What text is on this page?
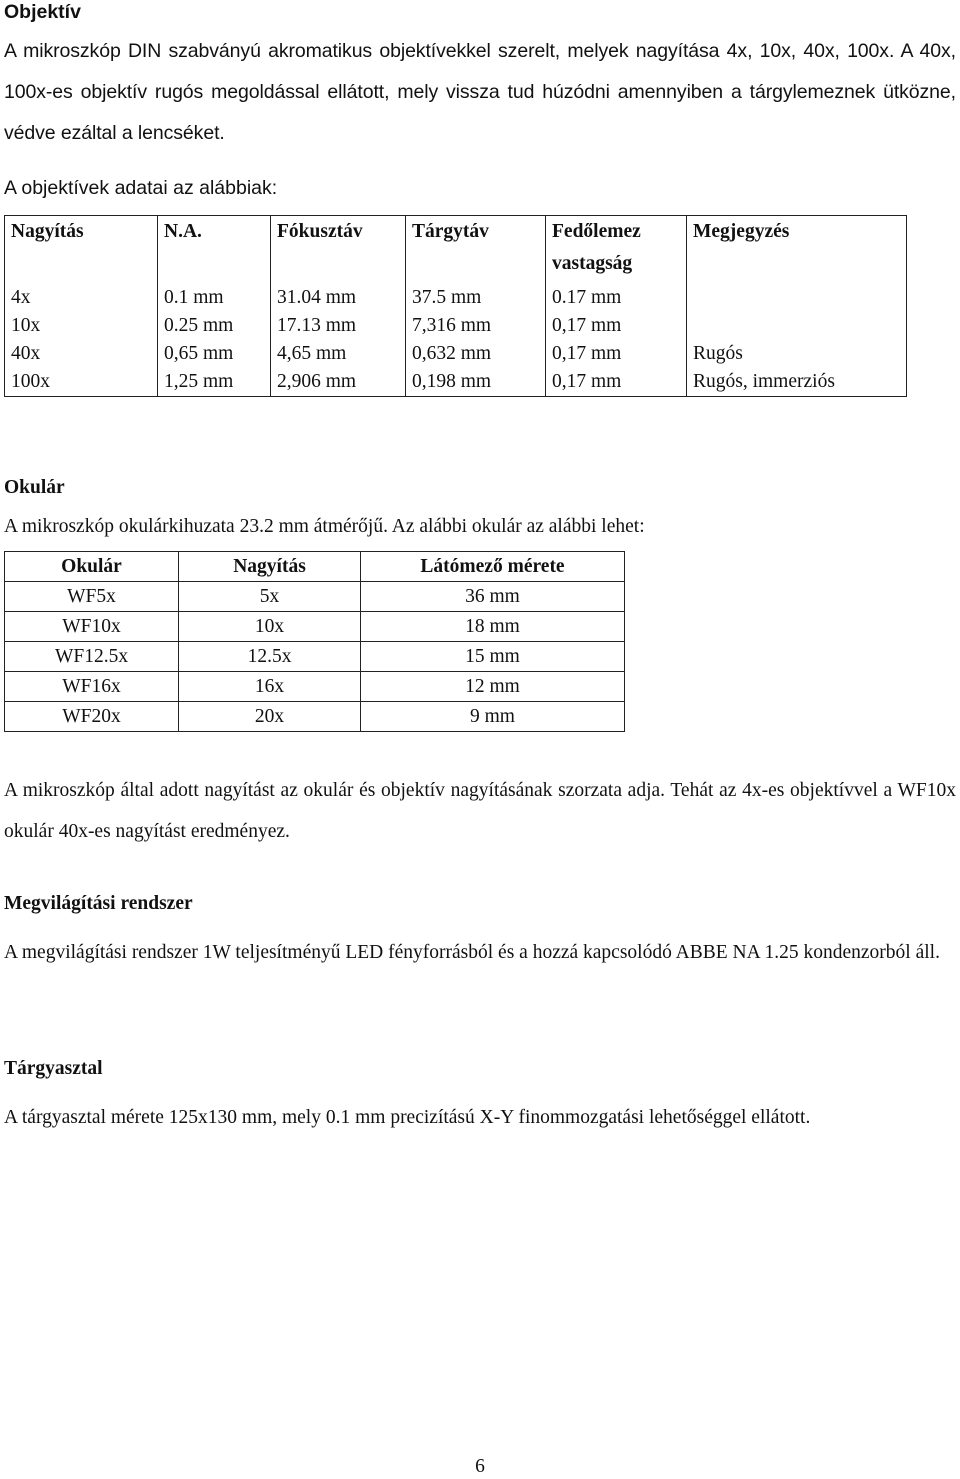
Objektív

A mikroszkóp DIN szabványú akromatikus objektívekkel szerelt, melyek nagyítása 4x, 10x, 40x, 100x. A 40x, 100x-es objektív rugós megoldással ellátott, mely vissza tud húzódni amennyiben a tárgylemeznek ütközne, védve ezáltal a lencséket.

A objektívek adatai az alábbiak:

Nagyítás	N.A.	Fókusztáv	Tárgytáv	Fedőlemez vastagság	Megjegyzés
4x	0.1 mm	31.04 mm	37.5 mm	0.17 mm	
10x	0.25 mm	17.13 mm	7,316 mm	0,17 mm	
40x	0,65 mm	4,65 mm	0,632 mm	0,17 mm	Rugós
100x	1,25 mm	2,906 mm	0,198 mm	0,17 mm	Rugós, immerziós

Okulár

A mikroszkóp okulárkihuzata 23.2 mm átmérőjű. Az alábbi okulár az alábbi lehet:

Okulár	Nagyítás	Látómező mérete
WF5x	5x	36 mm
WF10x	10x	18 mm
WF12.5x	12.5x	15 mm
WF16x	16x	12 mm
WF20x	20x	9 mm

A mikroszkóp által adott nagyítást az okulár és objektív nagyításának szorzata adja. Tehát az 4x-es objektívvel a WF10x okulár 40x-es nagyítást eredményez.

Megvilágítási rendszer

A megvilágítási rendszer 1W teljesítményű LED fényforrásból és a hozzá kapcsolódó ABBE NA 1.25 kondenzorból áll.

Tárgyasztal

A tárgyasztal mérete 125x130 mm, mely 0.1 mm precizítású X-Y finommozgatási lehetőséggel ellátott.

6
